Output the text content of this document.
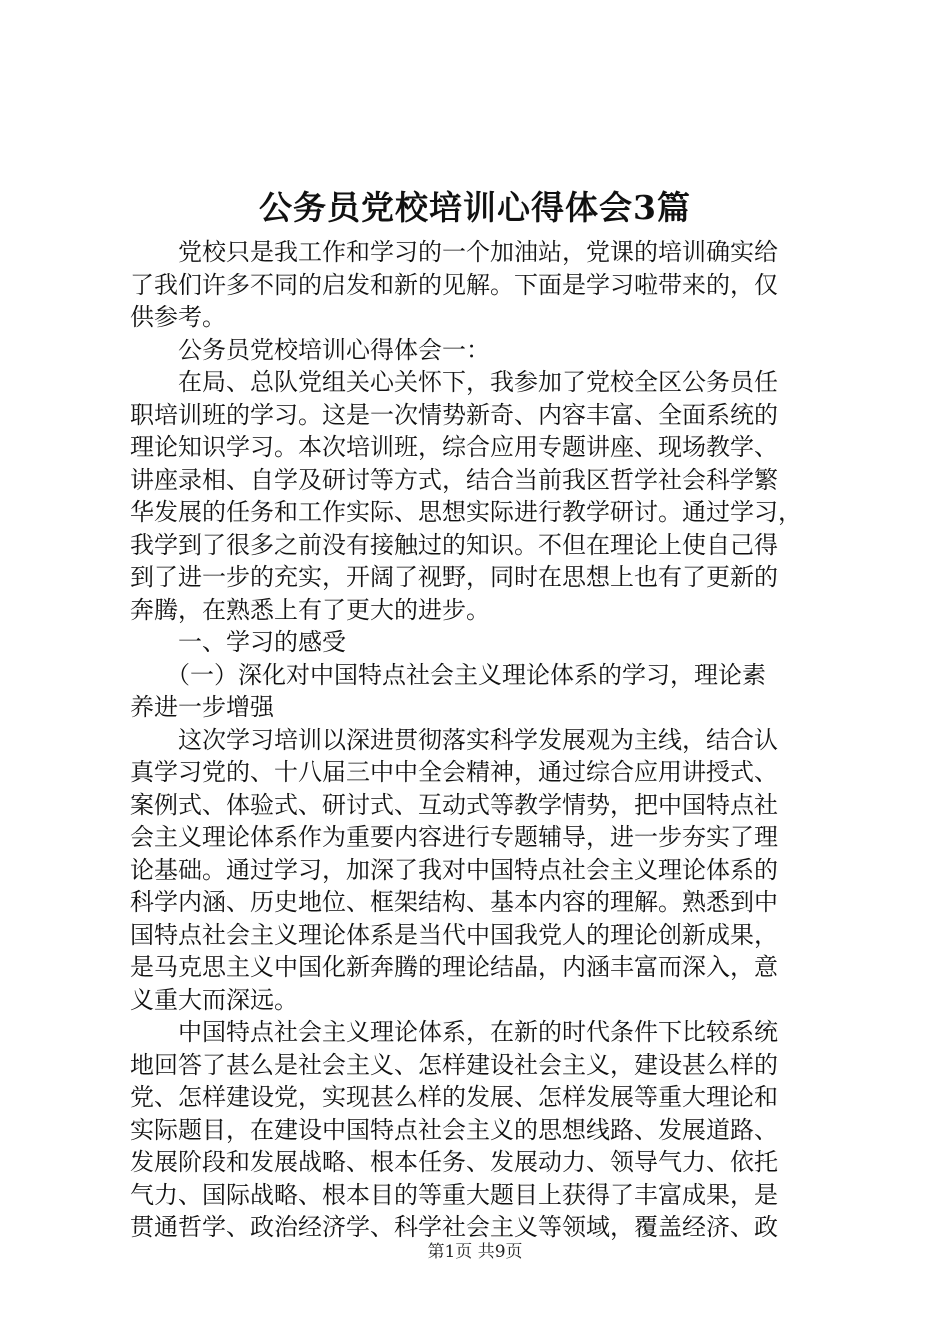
公务员党校培训心得体会3篇
　　党校只是我工作和学习的一个加油站，党课的培训确实给
了我们许多不同的启发和新的见解。下面是学习啦带来的，仅
供参考。
　　公务员党校培训心得体会一：
　　在局、总队党组关心关怀下，我参加了党校全区公务员任
职培训班的学习。这是一次情势新奇、内容丰富、全面系统的
理论知识学习。本次培训班，综合应用专题讲座、现场教学、
讲座录相、自学及研讨等方式，结合当前我区哲学社会科学繁
华发展的任务和工作实际、思想实际进行教学研讨。通过学习，
我学到了很多之前没有接触过的知识。不但在理论上使自己得
到了进一步的充实，开阔了视野，同时在思想上也有了更新的
奔腾，在熟悉上有了更大的进步。
　　一、学习的感受
　　（一）深化对中国特点社会主义理论体系的学习，理论素
养进一步增强
　　这次学习培训以深进贯彻落实科学发展观为主线，结合认
真学习党的、十八届三中中全会精神，通过综合应用讲授式、
案例式、体验式、研讨式、互动式等教学情势，把中国特点社
会主义理论体系作为重要内容进行专题辅导，进一步夯实了理
论基础。通过学习，加深了我对中国特点社会主义理论体系的
科学内涵、历史地位、框架结构、基本内容的理解。熟悉到中
国特点社会主义理论体系是当代中国我党人的理论创新成果，
是马克思主义中国化新奔腾的理论结晶，内涵丰富而深入，意
义重大而深远。
　　中国特点社会主义理论体系，在新的时代条件下比较系统
地回答了甚么是社会主义、怎样建设社会主义，建设甚么样的
党、怎样建设党，实现甚么样的发展、怎样发展等重大理论和
实际题目，在建设中国特点社会主义的思想线路、发展道路、
发展阶段和发展战略、根本任务、发展动力、领导气力、依托
气力、国际战略、根本目的等重大题目上获得了丰富成果，是
贯通哲学、政治经济学、科学社会主义等领域，覆盖经济、政
第1页 共9页
